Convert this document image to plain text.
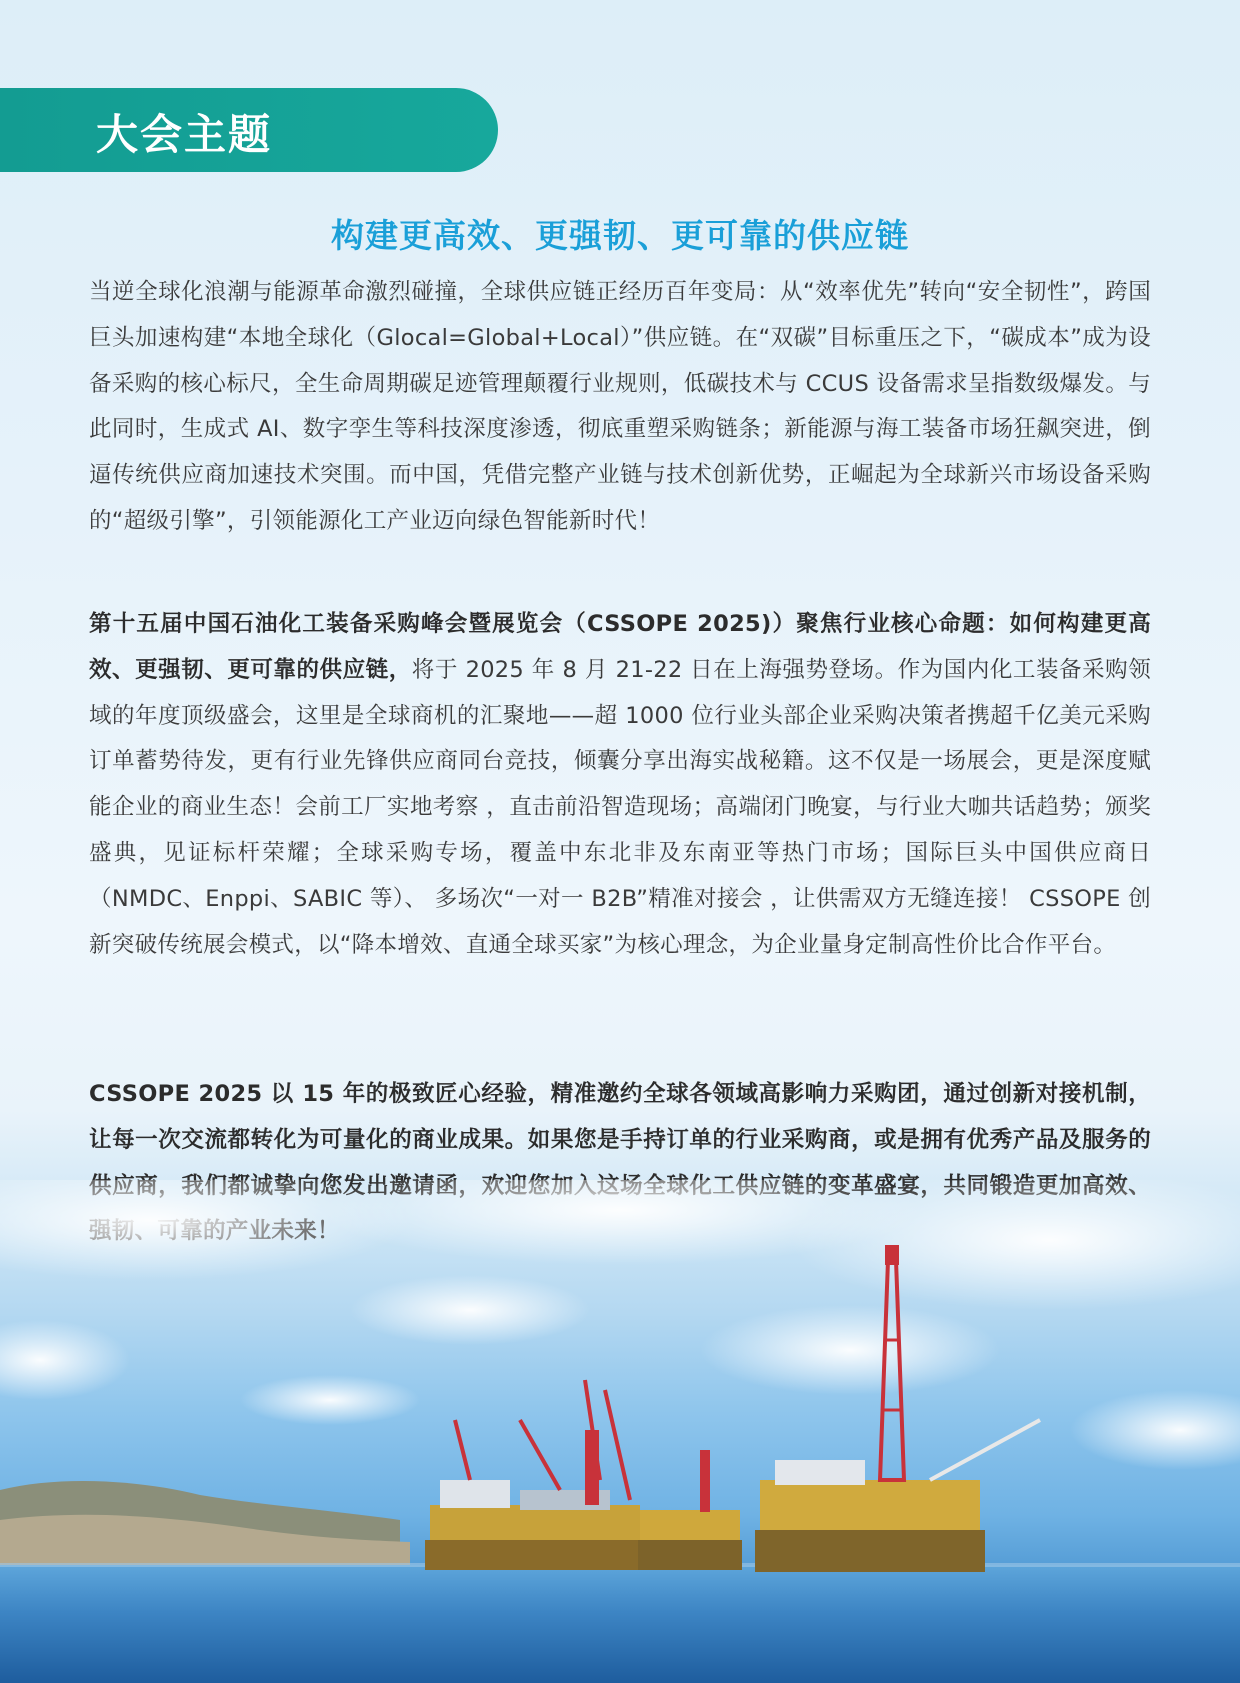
大会主题
构建更高效、更强韧、更可靠的供应链
当逆全球化浪潮与能源革命激烈碰撞，全球供应链正经历百年变局：从“效率优先”转向“安全韧性”，跨国巨头加速构建“本地全球化（Glocal=Global+Local）”供应链。在“双碳”目标重压之下，“碳成本”成为设备采购的核心标尺，全生命周期碳足迹管理颠覆行业规则，低碳技术与 CCUS 设备需求呈指数级爆发。与此同时，生成式 AI、数字孪生等科技深度渗透，彻底重塑采购链条；新能源与海工装备市场狂飙突进，倒逼传统供应商加速技术突围。而中国，凭借完整产业链与技术创新优势，正崛起为全球新兴市场设备采购的“超级引擎”，引领能源化工产业迈向绿色智能新时代！
第十五届中国石油化工装备采购峰会暨展览会（CSSOPE 2025)）聚焦行业核心命题：如何构建更高效、更强韧、更可靠的供应链，将于 2025 年 8 月 21-22 日在上海强势登场。作为国内化工装备采购领域的年度顶级盛会，这里是全球商机的汇聚地——超 1000 位行业头部企业采购决策者携超千亿美元采购订单蓄势待发，更有行业先锋供应商同台竞技，倾囊分享出海实战秘籍。这不仅是一场展会，更是深度赋能企业的商业生态！会前工厂实地考察 ，直击前沿智造现场；高端闭门晚宴，与行业大咖共话趋势；颁奖盛典，见证标杆荣耀；全球采购专场，覆盖中东北非及东南亚等热门市场；国际巨头中国供应商日（NMDC、Enppi、SABIC 等）、 多场次“一对一 B2B”精准对接会 ，让供需双方无缝连接！ CSSOPE 创新突破传统展会模式，以“降本增效、直通全球买家”为核心理念，为企业量身定制高性价比合作平台。
CSSOPE 2025 以 15 年的极致匠心经验，精准邀约全球各领域高影响力采购团，通过创新对接机制，让每一次交流都转化为可量化的商业成果。如果您是手持订单的行业采购商，或是拥有优秀产品及服务的
